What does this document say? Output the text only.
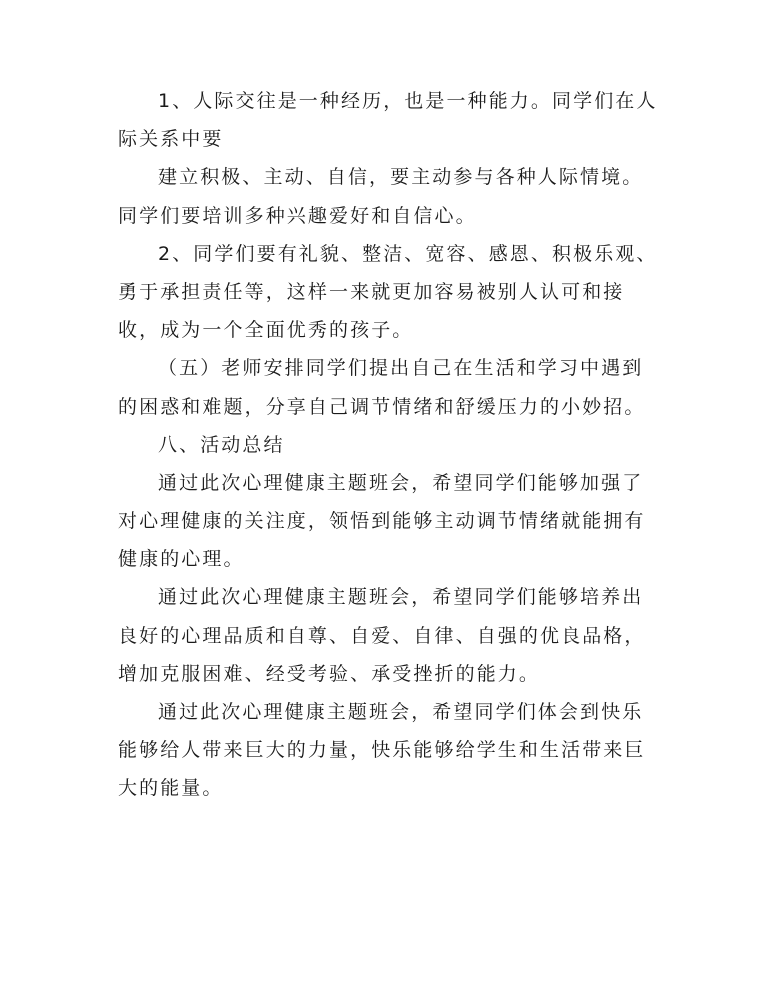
1、人际交往是一种经历，也是一种能力。同学们在人
际关系中要
建立积极、主动、自信，要主动参与各种人际情境。
同学们要培训多种兴趣爱好和自信心。
2、同学们要有礼貌、整洁、宽容、感恩、积极乐观、
勇于承担责任等，这样一来就更加容易被别人认可和接
收，成为一个全面优秀的孩子。
（五）老师安排同学们提出自己在生活和学习中遇到
的困惑和难题，分享自己调节情绪和舒缓压力的小妙招。
八、活动总结
通过此次心理健康主题班会，希望同学们能够加强了
对心理健康的关注度，领悟到能够主动调节情绪就能拥有
健康的心理。
通过此次心理健康主题班会，希望同学们能够培养出
良好的心理品质和自尊、自爱、自律、自强的优良品格，
增加克服困难、经受考验、承受挫折的能力。
通过此次心理健康主题班会，希望同学们体会到快乐
能够给人带来巨大的力量，快乐能够给学生和生活带来巨
大的能量。
